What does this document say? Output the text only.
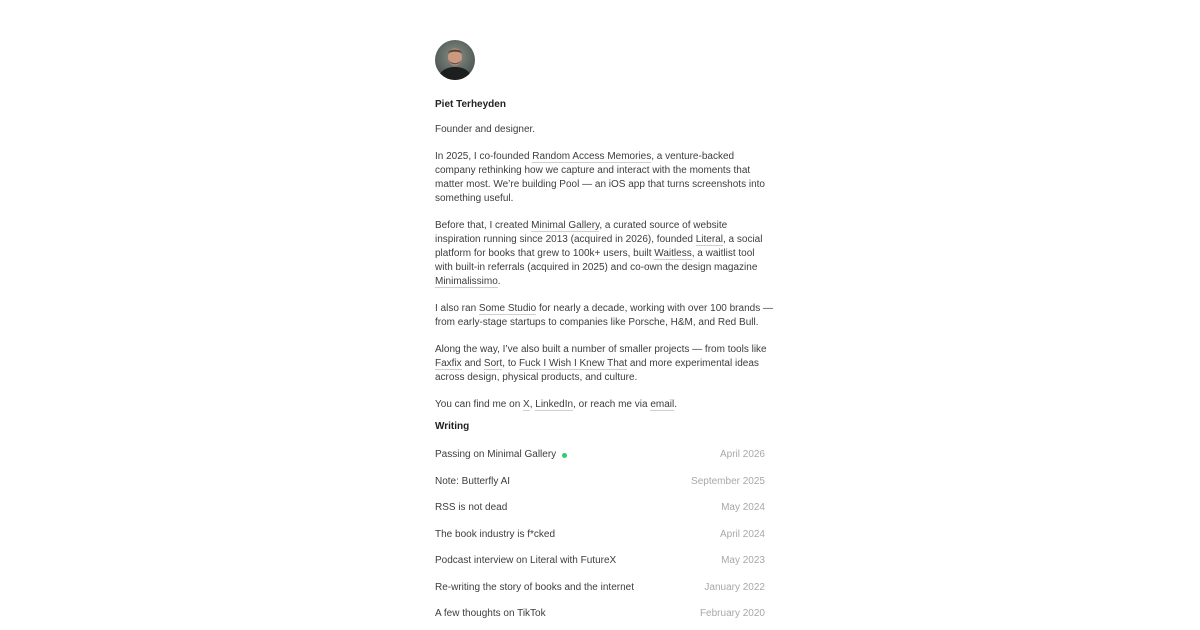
Piet Terheyden

Founder and designer.

In 2025, I co-founded Random Access Memories, a venture-backed company rethinking how we capture and interact with the moments that matter most. We’re building Pool — an iOS app that turns screenshots into something useful.

Before that, I created Minimal Gallery, a curated source of website inspiration running since 2013 (acquired in 2026), founded Literal, a social platform for books that grew to 100k+ users, built Waitless, a waitlist tool with built-in referrals (acquired in 2025) and co-own the design magazine Minimalissimo.

I also ran Some Studio for nearly a decade, working with over 100 brands — from early-stage startups to companies like Porsche, H&M, and Red Bull.

Along the way, I’ve also built a number of smaller projects — from tools like Faxfix and Sort, to Fuck I Wish I Knew That and more experimental ideas across design, physical products, and culture.

You can find me on X, LinkedIn, or reach me via email.

Writing
Passing on Minimal Gallery	April 2026
Note: Butterfly AI	September 2025
RSS is not dead	May 2024
The book industry is f*cked	April 2024
Podcast interview on Literal with FutureX	May 2023
Re-writing the story of books and the internet	January 2022
A few thoughts on TikTok	February 2020
